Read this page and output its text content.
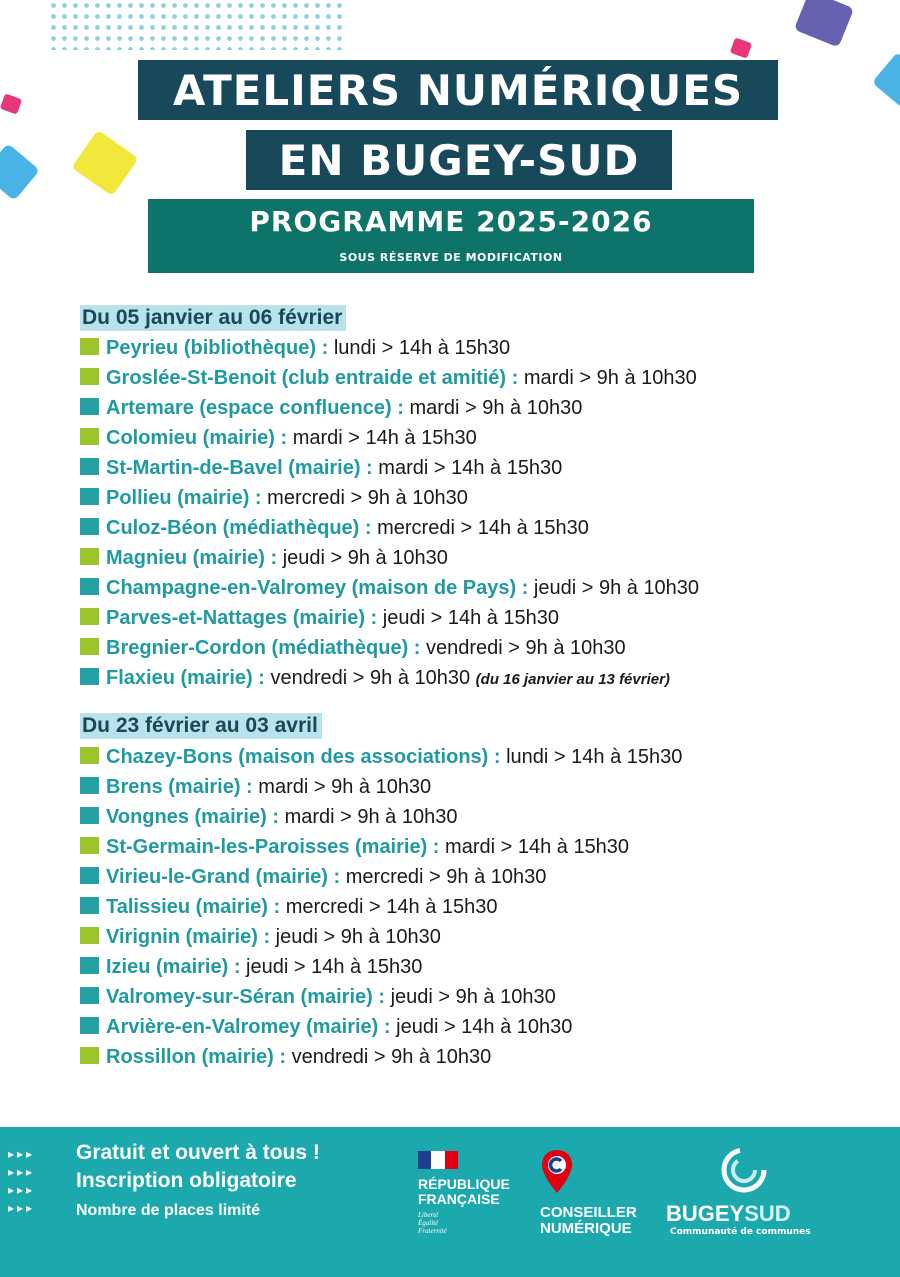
ATELIERS NUMÉRIQUES
EN BUGEY-SUD
PROGRAMME 2025-2026
SOUS RÉSERVE DE MODIFICATION
Du 05 janvier au 06 février
Peyrieu (bibliothèque) : lundi > 14h à 15h30
Groslée-St-Benoit (club entraide et amitié) : mardi > 9h à 10h30
Artemare (espace confluence) : mardi > 9h à 10h30
Colomieu (mairie) : mardi > 14h à 15h30
St-Martin-de-Bavel (mairie) : mardi > 14h à 15h30
Pollieu (mairie) : mercredi > 9h à 10h30
Culoz-Béon (médiathèque) : mercredi > 14h à 15h30
Magnieu (mairie) : jeudi > 9h à 10h30
Champagne-en-Valromey (maison de Pays) : jeudi > 9h à 10h30
Parves-et-Nattages (mairie) : jeudi > 14h à 15h30
Bregnier-Cordon (médiathèque) : vendredi > 9h à 10h30
Flaxieu (mairie) : vendredi > 9h à 10h30 (du 16 janvier au 13 février)
Du 23 février au 03 avril
Chazey-Bons (maison des associations) : lundi > 14h à 15h30
Brens (mairie) : mardi > 9h à 10h30
Vongnes (mairie) : mardi > 9h à 10h30
St-Germain-les-Paroisses (mairie) : mardi > 14h à 15h30
Virieu-le-Grand (mairie) : mercredi > 9h à 10h30
Talissieu (mairie) : mercredi > 14h à 15h30
Virignin (mairie) : jeudi > 9h à 10h30
Izieu (mairie) : jeudi > 14h à 15h30
Valromey-sur-Séran (mairie) : jeudi > 9h à 10h30
Arvière-en-Valromey (mairie) : jeudi > 14h à 10h30
Rossillon (mairie) : vendredi > 9h à 10h30
▸▸▸
▸▸▸
▸▸▸
▸▸▸
Gratuit et ouvert à tous !
Inscription obligatoire
Nombre de places limité
RÉPUBLIQUE
FRANÇAISE
Liberté
Égalité
Fraternité
CONSEILLER
NUMÉRIQUE
BUGEYSUD
Communauté de communes
